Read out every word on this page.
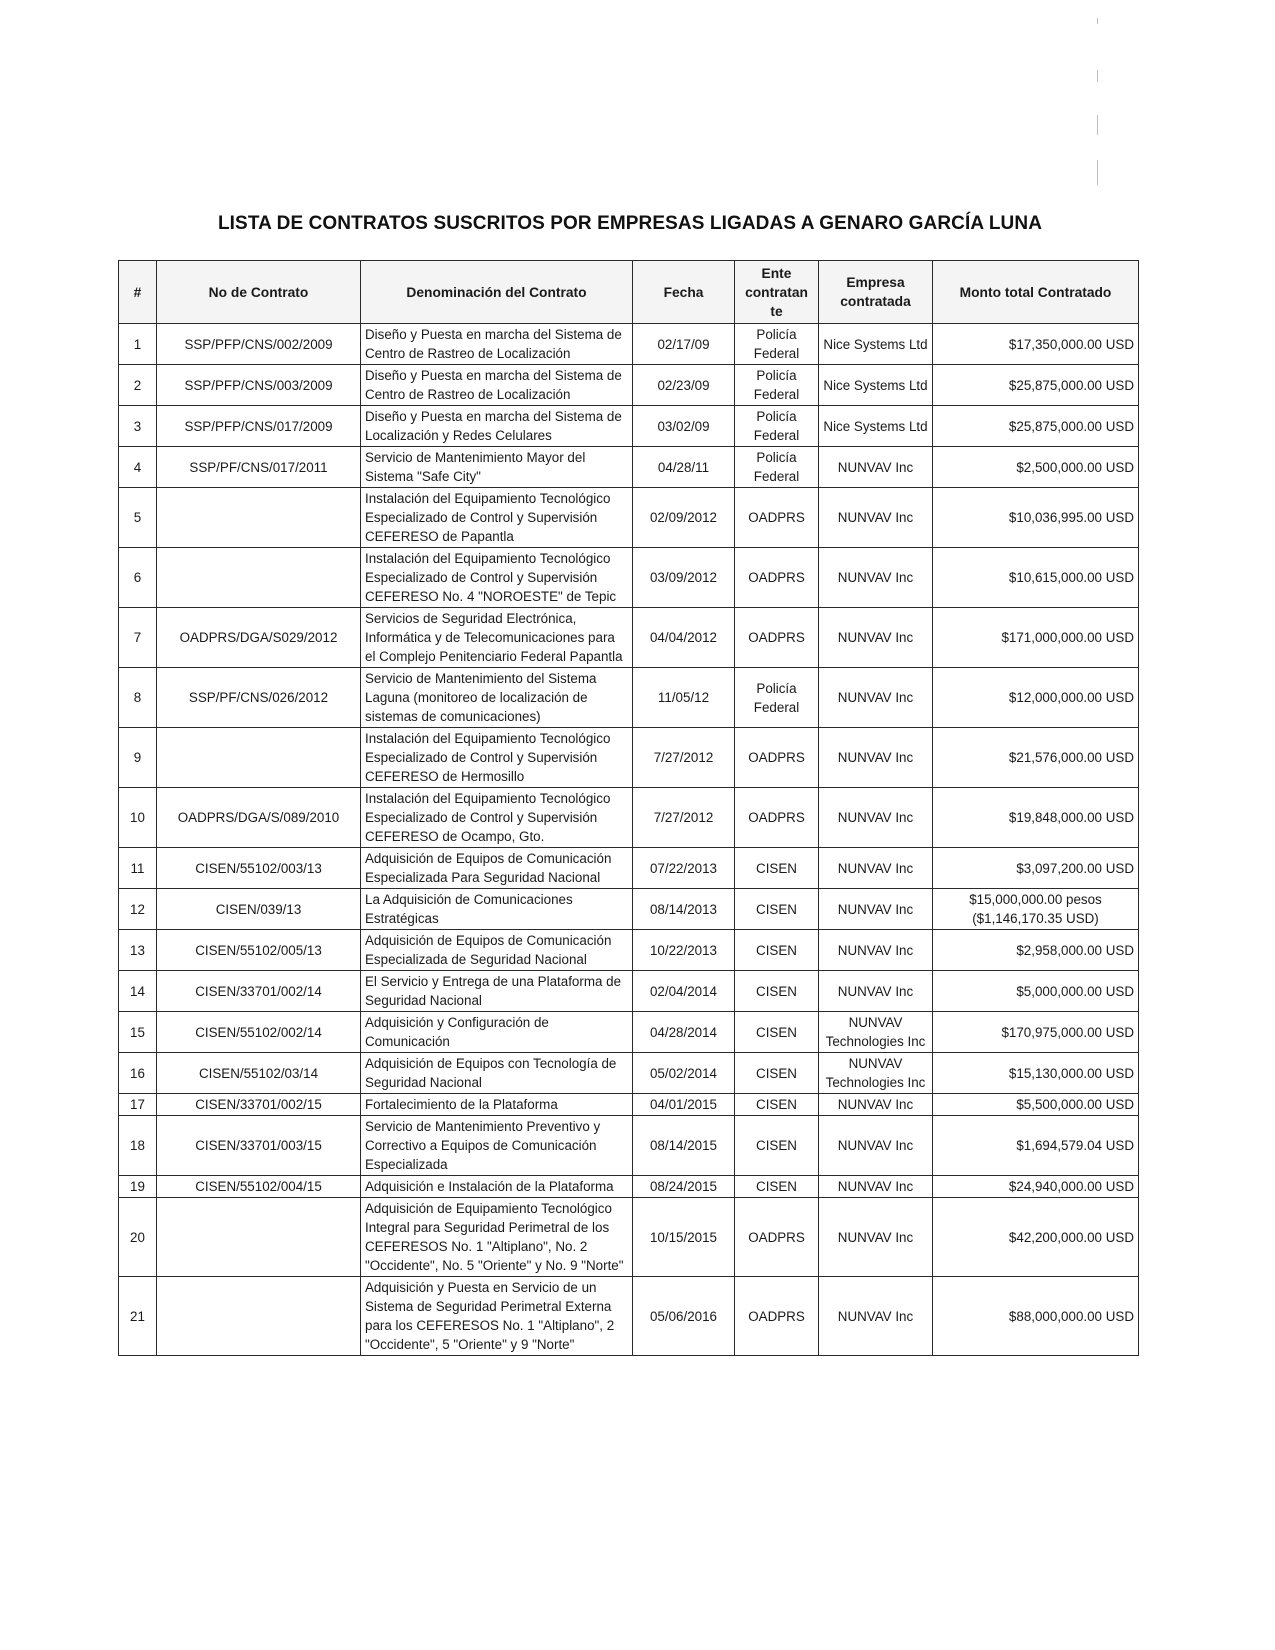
LISTA DE CONTRATOS SUSCRITOS POR EMPRESAS LIGADAS A GENARO GARCÍA LUNA
#	No de Contrato	Denominación del Contrato	Fecha	Ente contratan te	Empresa contratada	Monto total Contratado
1	SSP/PFP/CNS/002/2009	Diseño y Puesta en marcha del Sistema de Centro de Rastreo de Localización	02/17/09	Policía Federal	Nice Systems Ltd	$17,350,000.00 USD
2	SSP/PFP/CNS/003/2009	Diseño y Puesta en marcha del Sistema de Centro de Rastreo de Localización	02/23/09	Policía Federal	Nice Systems Ltd	$25,875,000.00 USD
3	SSP/PFP/CNS/017/2009	Diseño y Puesta en marcha del Sistema de Localización y Redes Celulares	03/02/09	Policía Federal	Nice Systems Ltd	$25,875,000.00 USD
4	SSP/PF/CNS/017/2011	Servicio de Mantenimiento Mayor del Sistema "Safe City"	04/28/11	Policía Federal	NUNVAV Inc	$2,500,000.00 USD
5		Instalación del Equipamiento Tecnológico Especializado de Control y Supervisión CEFERESO de Papantla	02/09/2012	OADPRS	NUNVAV Inc	$10,036,995.00 USD
6		Instalación del Equipamiento Tecnológico Especializado de Control y Supervisión CEFERESO No. 4 "NOROESTE" de Tepic	03/09/2012	OADPRS	NUNVAV Inc	$10,615,000.00 USD
7	OADPRS/DGA/S029/2012	Servicios de Seguridad Electrónica, Informática y de Telecomunicaciones para el Complejo Penitenciario Federal Papantla	04/04/2012	OADPRS	NUNVAV Inc	$171,000,000.00 USD
8	SSP/PF/CNS/026/2012	Servicio de Mantenimiento del Sistema Laguna (monitoreo de localización de sistemas de comunicaciones)	11/05/12	Policía Federal	NUNVAV Inc	$12,000,000.00 USD
9		Instalación del Equipamiento Tecnológico Especializado de Control y Supervisión CEFERESO de Hermosillo	7/27/2012	OADPRS	NUNVAV Inc	$21,576,000.00 USD
10	OADPRS/DGA/S/089/2010	Instalación del Equipamiento Tecnológico Especializado de Control y Supervisión CEFERESO de Ocampo, Gto.	7/27/2012	OADPRS	NUNVAV Inc	$19,848,000.00 USD
11	CISEN/55102/003/13	Adquisición de Equipos de Comunicación Especializada Para Seguridad Nacional	07/22/2013	CISEN	NUNVAV Inc	$3,097,200.00 USD
12	CISEN/039/13	La Adquisición de Comunicaciones Estratégicas	08/14/2013	CISEN	NUNVAV Inc	$15,000,000.00 pesos ($1,146,170.35 USD)
13	CISEN/55102/005/13	Adquisición de Equipos de Comunicación Especializada de Seguridad Nacional	10/22/2013	CISEN	NUNVAV Inc	$2,958,000.00 USD
14	CISEN/33701/002/14	El Servicio y Entrega de una Plataforma de Seguridad Nacional	02/04/2014	CISEN	NUNVAV Inc	$5,000,000.00 USD
15	CISEN/55102/002/14	Adquisición y Configuración de Comunicación	04/28/2014	CISEN	NUNVAV Technologies Inc	$170,975,000.00 USD
16	CISEN/55102/03/14	Adquisición de Equipos con Tecnología de Seguridad Nacional	05/02/2014	CISEN	NUNVAV Technologies Inc	$15,130,000.00 USD
17	CISEN/33701/002/15	Fortalecimiento de la Plataforma	04/01/2015	CISEN	NUNVAV Inc	$5,500,000.00 USD
18	CISEN/33701/003/15	Servicio de Mantenimiento Preventivo y Correctivo a Equipos de Comunicación Especializada	08/14/2015	CISEN	NUNVAV Inc	$1,694,579.04 USD
19	CISEN/55102/004/15	Adquisición e Instalación de la Plataforma	08/24/2015	CISEN	NUNVAV Inc	$24,940,000.00 USD
20		Adquisición de Equipamiento Tecnológico Integral para Seguridad Perimetral de los CEFERESOS No. 1 "Altiplano", No. 2 "Occidente", No. 5 "Oriente" y No. 9 "Norte"	10/15/2015	OADPRS	NUNVAV Inc	$42,200,000.00 USD
21		Adquisición y Puesta en Servicio de un Sistema de Seguridad Perimetral Externa para los CEFERESOS No. 1 "Altiplano", 2 "Occidente", 5 "Oriente" y 9 "Norte"	05/06/2016	OADPRS	NUNVAV Inc	$88,000,000.00 USD
